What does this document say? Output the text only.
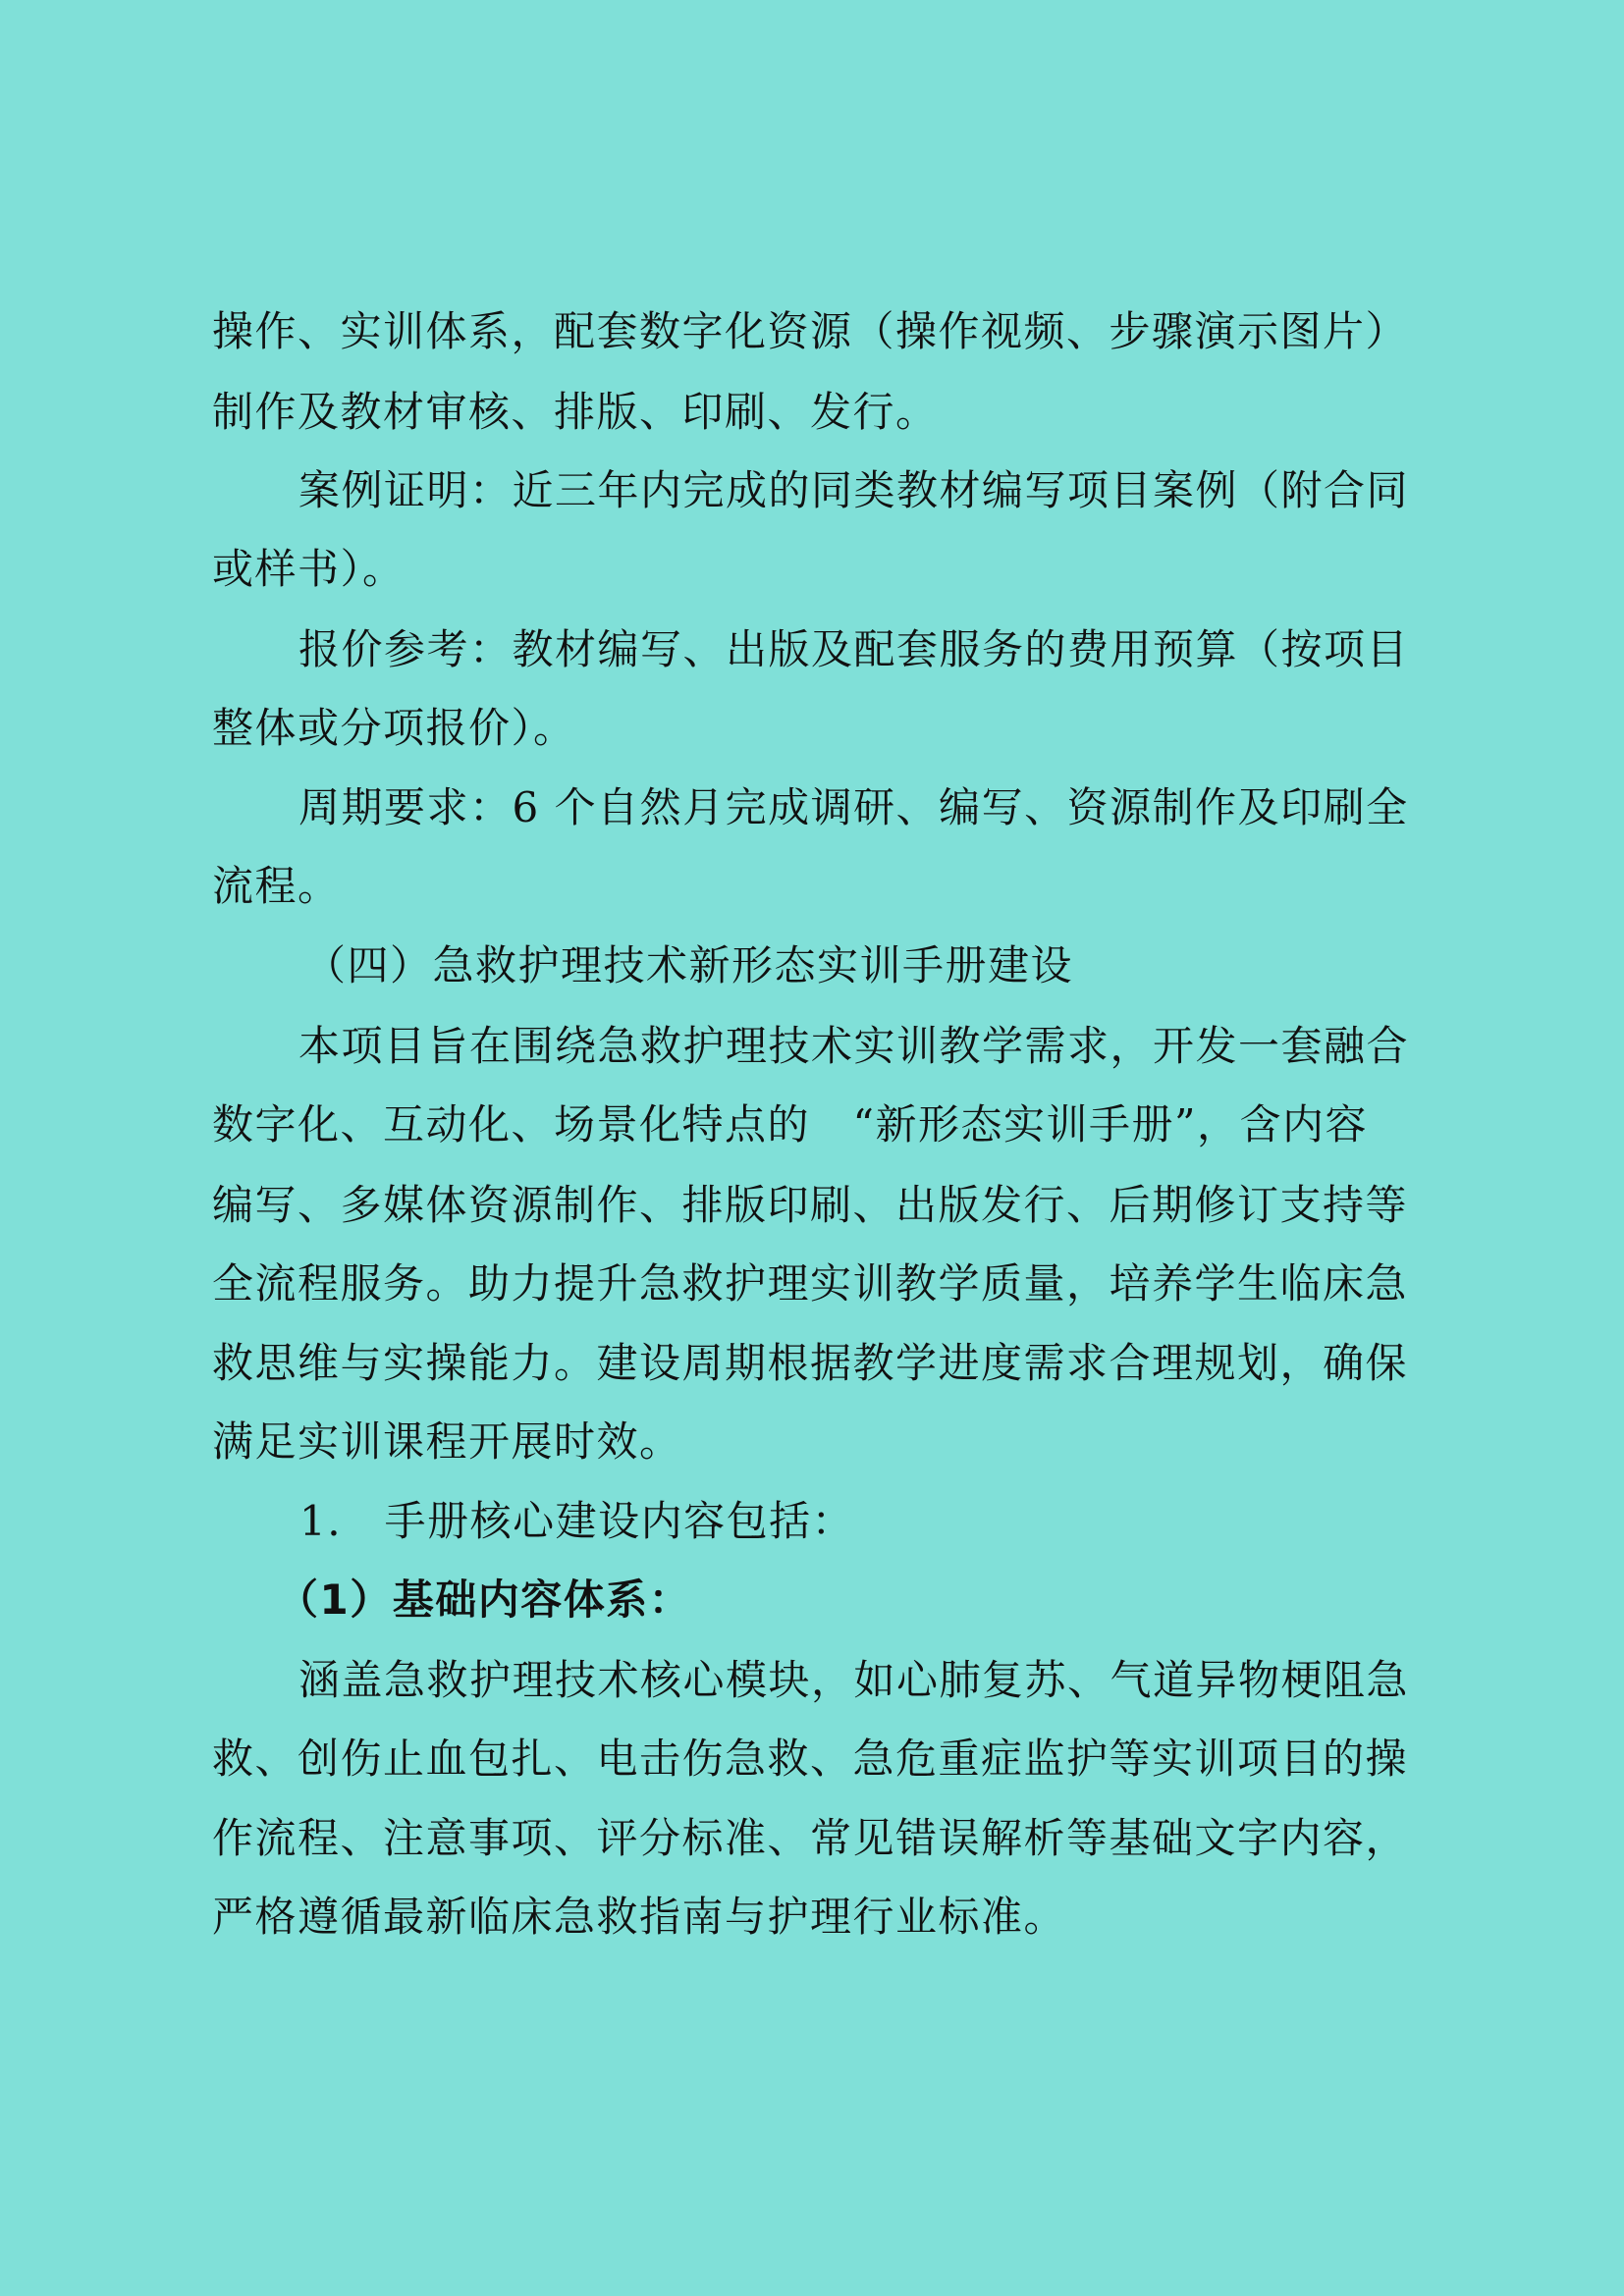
操作、实训体系，配套数字化资源（操作视频、步骤演示图片）
制作及教材审核、排版、印刷、发行。
案例证明：近三年内完成的同类教材编写项目案例（附合同
或样书）。
报价参考：教材编写、出版及配套服务的费用预算（按项目
整体或分项报价）。
周期要求：6 个自然月完成调研、编写、资源制作及印刷全
流程。
（四）急救护理技术新形态实训手册建设
本项目旨在围绕急救护理技术实训教学需求，开发一套融合
数字化、互动化、场景化特点的　“新形态实训手册”，含内容
编写、多媒体资源制作、排版印刷、出版发行、后期修订支持等
全流程服务。助力提升急救护理实训教学质量，培养学生临床急
救思维与实操能力。建设周期根据教学进度需求合理规划，确保
满足实训课程开展时效。
1.　手册核心建设内容包括：
（1）基础内容体系：
涵盖急救护理技术核心模块，如心肺复苏、气道异物梗阻急
救、创伤止血包扎、电击伤急救、急危重症监护等实训项目的操
作流程、注意事项、评分标准、常见错误解析等基础文字内容，
严格遵循最新临床急救指南与护理行业标准。
